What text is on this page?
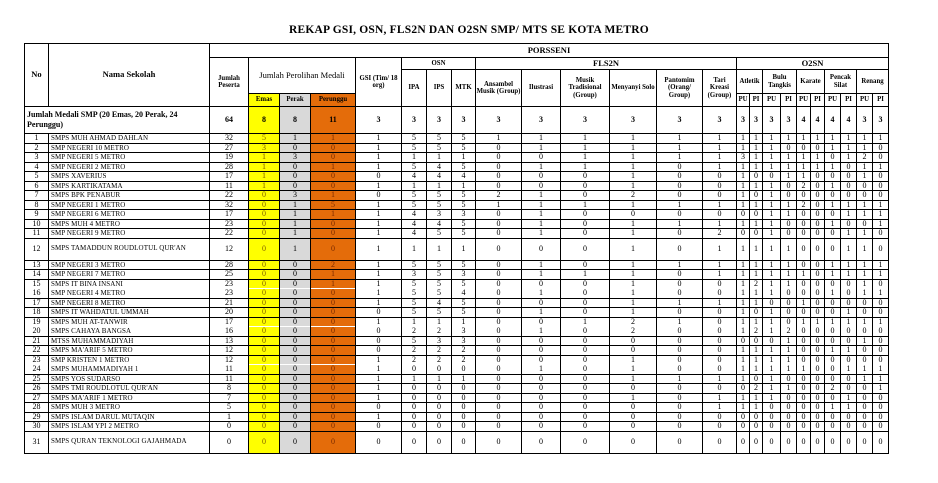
REKAP GSI, OSN, FLS2N DAN O2SN SMP/ MTS SE KOTA METRO
No	Nama Sekolah	PORSSENI																							
		Jumlah Peserta	Jumlah Perolihan Medali			GSI (Tim/ 18 org)	OSN			FLS2N						O2SN									
							IPA	IPS	MTK	Ansambel Musik (Group)	Ilustrasi	Musik Tradisional (Group)	Menyanyi Solo	Pantomim (Orang/ Group)	Tari Kreasi (Group)	Atletik		Bulu Tangkis		Karate		Pencak Silat		Renang	
			Emas	Perak	Perunggu											PU	PI	PU	PI	PU	PI	PU	PI	PU	PI
Jumlah Medali SMP (20 Emas, 20 Perak, 24 Perunggu)		64	8	8	11	3	3	3	3	3	3	3	3	3	3	3	3	3	3	4	4	4	4	3	3
1	SMPS MUH AHMAD DAHLAN	32	5	1	1	1	5	5	5	1	1	1	1	1	1	1	1	1	1	1	1	1	1	1	1
2	SMP NEGERI 10 METRO	27	3	0	0	1	5	5	5	0	1	1	1	1	1	1	1	1	0	0	0	1	1	1	0
3	SMP NEGERI 5 METRO	19	1	3	0	1	1	1	1	0	0	1	1	1	1	3	1	1	1	1	1	0	1	2	0
4	SMP NEGERI 2 METRO	28	1	0	1	1	5	4	5	0	1	1	1	0	1	1	1	1	1	1	1	1	0	1	1
5	SMPS XAVERIUS	17	1	0	0	0	4	4	4	0	0	0	1	0	0	1	0	0	1	1	0	0	0	1	0
6	SMPS KARTIKATAMA	11	1	0	0	1	1	1	1	0	0	0	1	0	0	1	1	1	0	2	0	1	0	0	0
7	SMPS BPK PENABUR	22	0	3	1	0	5	5	5	2	1	0	2	0	0	1	0	1	0	0	0	0	0	0	0
8	SMP NEGERI 1 METRO	32	0	1	5	1	5	5	5	1	1	1	1	1	1	1	1	1	1	2	0	1	1	1	1
9	SMP NEGERI 6 METRO	17	0	1	1	1	4	3	3	0	1	0	0	0	0	0	0	1	1	0	0	0	1	1	1
10	SMPS MUH 4 METRO	23	0	1	0	1	4	4	5	0	1	0	1	1	1	1	1	1	0	0	0	1	0	0	1
11	SMP NEGERI 9 METRO	22	0	1	0	1	4	5	5	0	1	0	1	0	2	0	0	1	0	0	0	0	1	1	0
12	SMPS TAMADDUN ROUDLOTUL QUR'AN	12	0	1	0	1	1	1	1	0	0	0	1	0	1	1	1	1	1	0	0	0	1	1	0
13	SMP NEGERI 3 METRO	28	0	0	2	1	5	5	5	0	1	0	1	1	1	1	1	1	1	0	0	1	1	1	1
14	SMP NEGERI 7 METRO	25	0	0	1	1	3	5	3	0	1	1	1	0	1	1	1	1	1	1	0	1	1	1	1
15	SMPS IT BINA INSANI	23	0	0	1	1	5	5	5	0	0	0	1	0	0	1	2	1	1	0	0	0	0	1	0
16	SMP NEGERI 4 METRO	23	0	0	0	1	5	5	4	0	1	0	1	0	0	1	1	1	0	0	0	1	0	1	1
17	SMP NEGERI 8 METRO	21	0	0	0	1	5	4	5	0	0	0	1	1	1	1	1	0	0	1	0	0	0	0	0
18	SMPS IT WAHDATUL UMMAH	20	0	0	0	0	5	5	5	0	1	0	1	0	0	1	0	1	0	0	0	0	1	0	0
19	SMPS MUH AT-TANWIR	17	0	0	0	1	1	1	1	0	0	1	2	1	0	1	1	1	0	1	1	1	1	1	1
20	SMPS CAHAYA BANGSA	16	0	0	0	0	2	2	3	0	1	0	2	0	0	1	2	1	2	0	0	0	0	0	0
21	MTSS MUHAMMADIYAH	13	0	0	0	0	5	3	3	0	0	0	0	0	0	0	0	0	1	0	0	0	0	1	0
22	SMPS MA'ARIF 5 METRO	12	0	0	0	0	2	2	2	0	0	0	0	0	0	1	1	1	1	0	0	1	1	0	0
23	SMP KRISTEN 1 METRO	12	0	0	0	1	2	2	2	0	0	0	1	0	0	1	1	1	1	0	0	0	0	0	0
24	SMPS MUHAMMADIYAH 1	11	0	0	0	1	0	0	0	0	1	0	1	0	0	1	1	1	1	1	0	0	1	1	1
25	SMPS YOS SUDARSO	11	0	0	0	1	1	1	1	0	0	0	1	1	1	1	0	1	0	0	0	0	0	1	1
26	SMPS TMI ROUDLOTUL QUR'AN	8	0	0	0	1	0	0	0	0	0	0	0	0	0	0	2	1	1	0	0	2	0	0	1
27	SMPS MA'ARIF 1 METRO	7	0	0	0	1	0	0	0	0	0	0	1	0	1	1	1	1	0	0	0	0	1	0	0
28	SMPS MUH 3 METRO	5	0	0	0	0	0	0	0	0	0	0	0	0	1	1	1	0	0	0	0	1	1	0	0
29	SMPS ISLAM DARUL MUTAQIN	1	0	0	0	1	0	0	0	0	0	0	0	0	0	0	0	0	0	0	0	0	0	0	0
30	SMPS ISLAM YPI 2 METRO	0	0	0	0	0	0	0	0	0	0	0	0	0	0	0	0	0	0	0	0	0	0	0	0
31	SMPS QURAN TEKNOLOGI GAJAHMADA	0	0	0	0	0	0	0	0	0	0	0	0	0	0	0	0	0	0	0	0	0	0	0	0
